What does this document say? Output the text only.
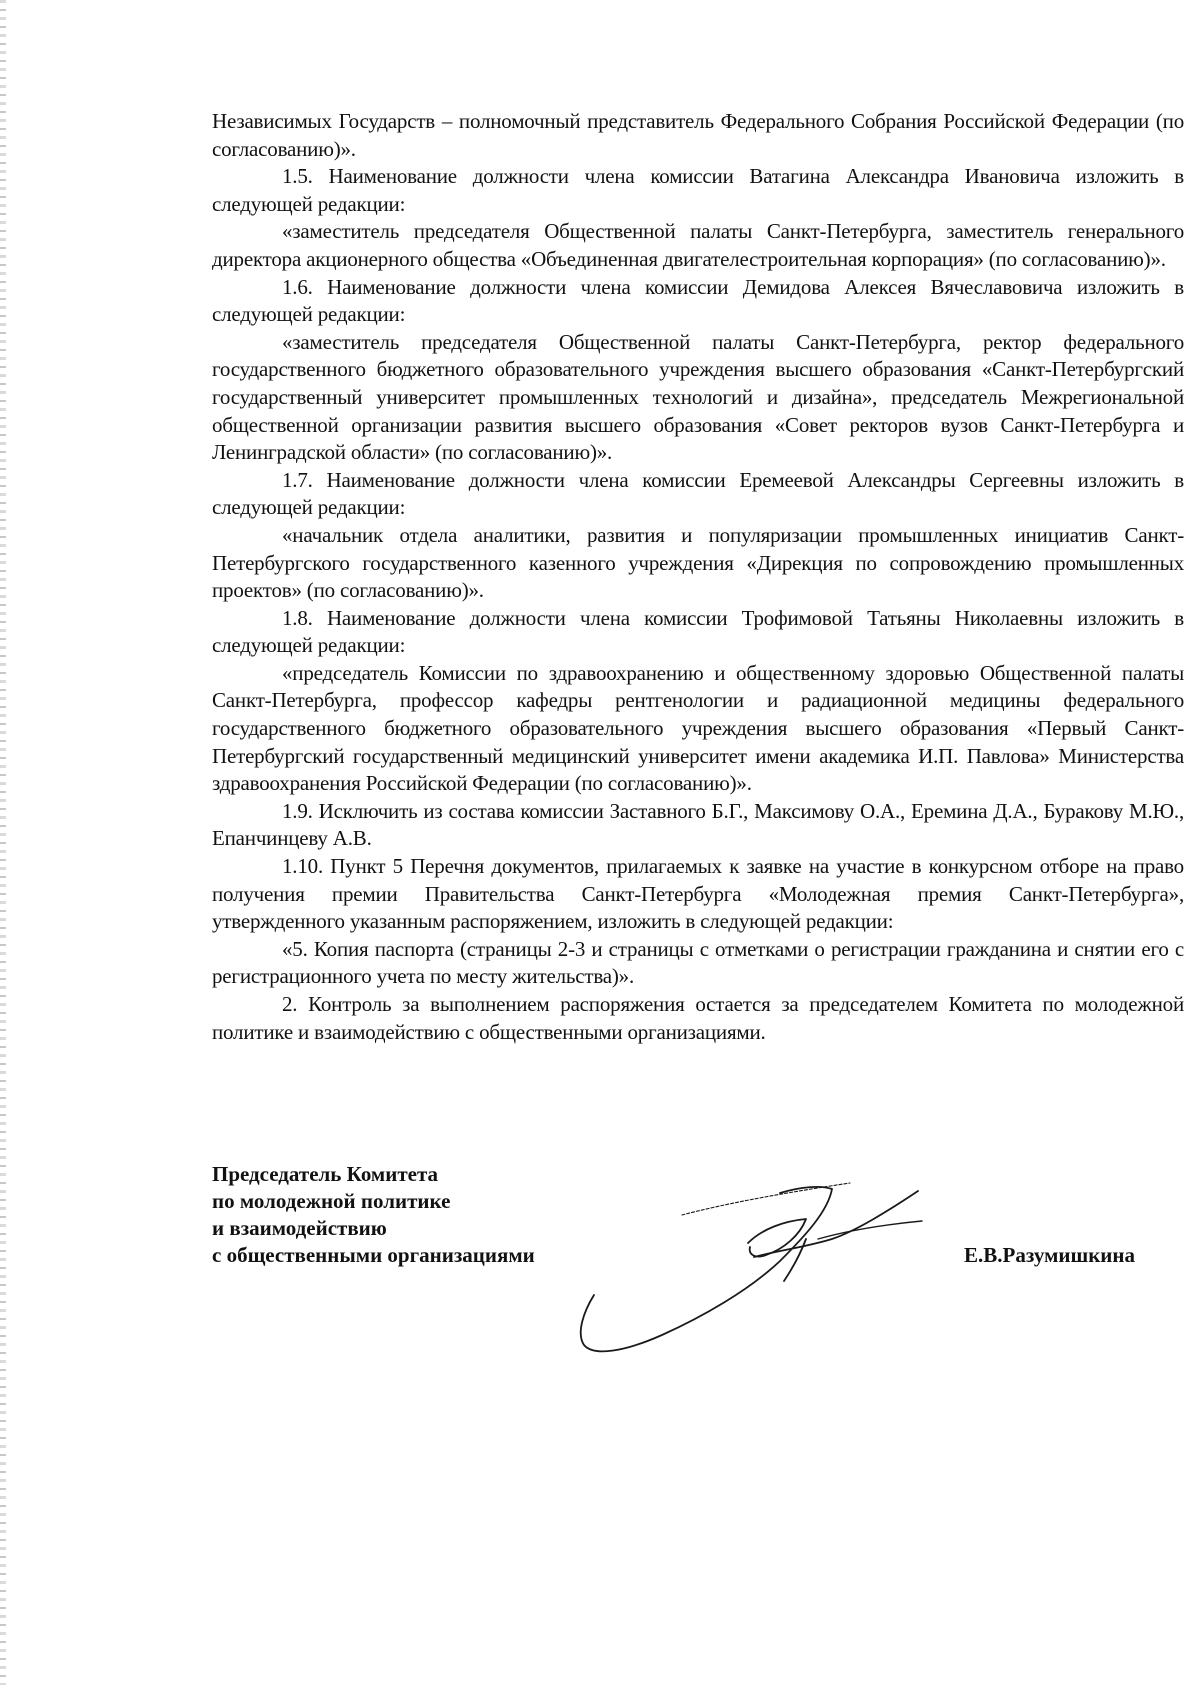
Независимых Государств – полномочный представитель Федерального Собрания Российской Федерации (по согласованию)».

1.5. Наименование должности члена комиссии Ватагина Александра Ивановича изложить в следующей редакции:

«заместитель председателя Общественной палаты Санкт-Петербурга, заместитель генерального директора акционерного общества «Объединенная двигателестроительная корпорация» (по согласованию)».

1.6. Наименование должности члена комиссии Демидова Алексея Вячеславовича изложить в следующей редакции:

«заместитель председателя Общественной палаты Санкт-Петербурга, ректор федерального государственного бюджетного образовательного учреждения высшего образования «Санкт-Петербургский государственный университет промышленных технологий и дизайна», председатель Межрегиональной общественной организации развития высшего образования «Совет ректоров вузов Санкт-Петербурга и Ленинградской области» (по согласованию)».

1.7. Наименование должности члена комиссии Еремеевой Александры Сергеевны изложить в следующей редакции:

«начальник отдела аналитики, развития и популяризации промышленных инициатив Санкт-Петербургского государственного казенного учреждения «Дирекция по сопровождению промышленных проектов» (по согласованию)».

1.8. Наименование должности члена комиссии Трофимовой Татьяны Николаевны изложить в следующей редакции:

«председатель Комиссии по здравоохранению и общественному здоровью Общественной палаты Санкт-Петербурга, профессор кафедры рентгенологии и радиационной медицины федерального государственного бюджетного образовательного учреждения высшего образования «Первый Санкт-Петербургский государственный медицинский университет имени академика И.П. Павлова» Министерства здравоохранения Российской Федерации (по согласованию)».

1.9. Исключить из состава комиссии Заставного Б.Г., Максимову О.А., Еремина Д.А., Буракову М.Ю., Епанчинцеву А.В.

1.10. Пункт 5 Перечня документов, прилагаемых к заявке на участие в конкурсном отборе на право получения премии Правительства Санкт-Петербурга «Молодежная премия Санкт-Петербурга», утвержденного указанным распоряжением, изложить в следующей редакции:

«5. Копия паспорта (страницы 2-3 и страницы с отметками о регистрации гражданина и снятии его с регистрационного учета по месту жительства)».

2. Контроль за выполнением распоряжения остается за председателем Комитета по молодежной политике и взаимодействию с общественными организациями.

Председатель Комитета
по молодежной политике
и взаимодействию
с общественными организациями	Е.В.Разумишкина
